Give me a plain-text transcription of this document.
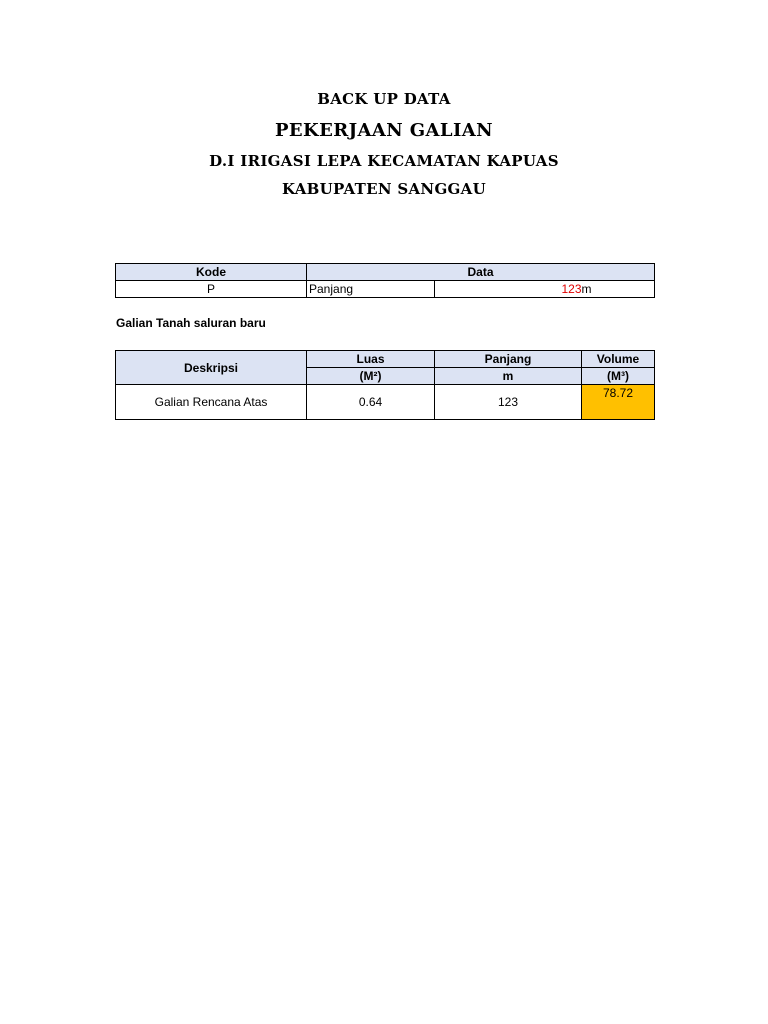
BACK UP DATA
PEKERJAAN GALIAN
D.I IRIGASI LEPA KECAMATAN KAPUAS
KABUPATEN SANGGAU
Kode	Data		
P	Panjang	123	m
Galian Tanah saluran baru
Deskripsi	Luas	Panjang	Volume
	(M²)	m	(M³)
Galian Rencana Atas	0.64	123	78.72
